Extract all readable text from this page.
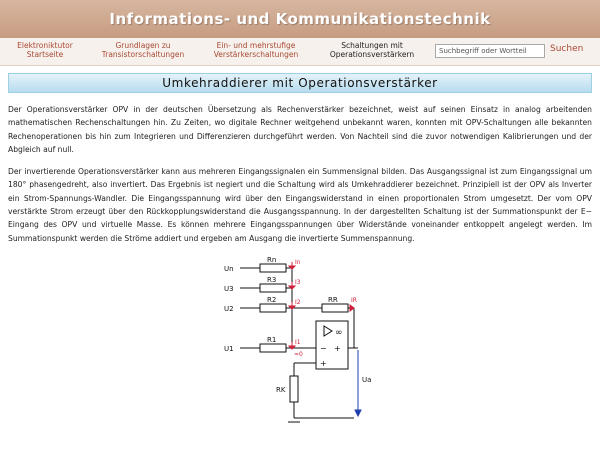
Informations- und Kommunikationstechnik
Elektroniktutor
Startseite
Grundlagen zu
Transistorschaltungen
Ein- und mehrstufige
Verstärkerschaltungen
Schaltungen mit
Operationsverstärkern
Suchbegriff oder Wortteil
Suchen
Umkehraddierer mit Operationsverstärker

Der Operationsverstärker OPV in der deutschen Übersetzung als Rechenverstärker bezeichnet, weist auf seinen Einsatz in analog arbeitenden mathematischen Rechenschaltungen hin. Zu Zeiten, wo digitale Rechner weitgehend unbekannt waren, konnten mit OPV-Schaltungen alle bekannten Rechenoperationen bis hin zum Integrieren und Differenzieren durchgeführt werden. Von Nachteil sind die zuvor notwendigen Kalibrierungen und der Abgleich auf null.

Der invertierende Operationsverstärker kann aus mehreren Eingangssignalen ein Summensignal bilden. Das Ausgangssignal ist zum Eingangssignal um 180° phasengedreht, also invertiert. Das Ergebnis ist negiert und die Schaltung wird als Umkehraddierer bezeichnet. Prinzipiell ist der OPV als Inverter ein Strom-Spannungs-Wandler. Die Eingangsspannung wird über den Eingangswiderstand in einen proportionalen Strom umgesetzt. Der vom OPV verstärkte Strom erzeugt über den Rückkopplungswiderstand die Ausgangsspannung. In der dargestellten Schaltung ist der Summationspunkt der E− Eingang des OPV und virtuelle Masse. Es können mehrere Eingangsspannungen über Widerstände voneinander entkoppelt angelegt werden. Im Summationspunkt werden die Ströme addiert und ergeben am Ausgang die invertierte Summenspannung.

Un
U3
U2
U1
Rn
R3
R2
R1
RR
RK
Ua
∞
− +
+
In
I3
I2
I1
IR
≈0
